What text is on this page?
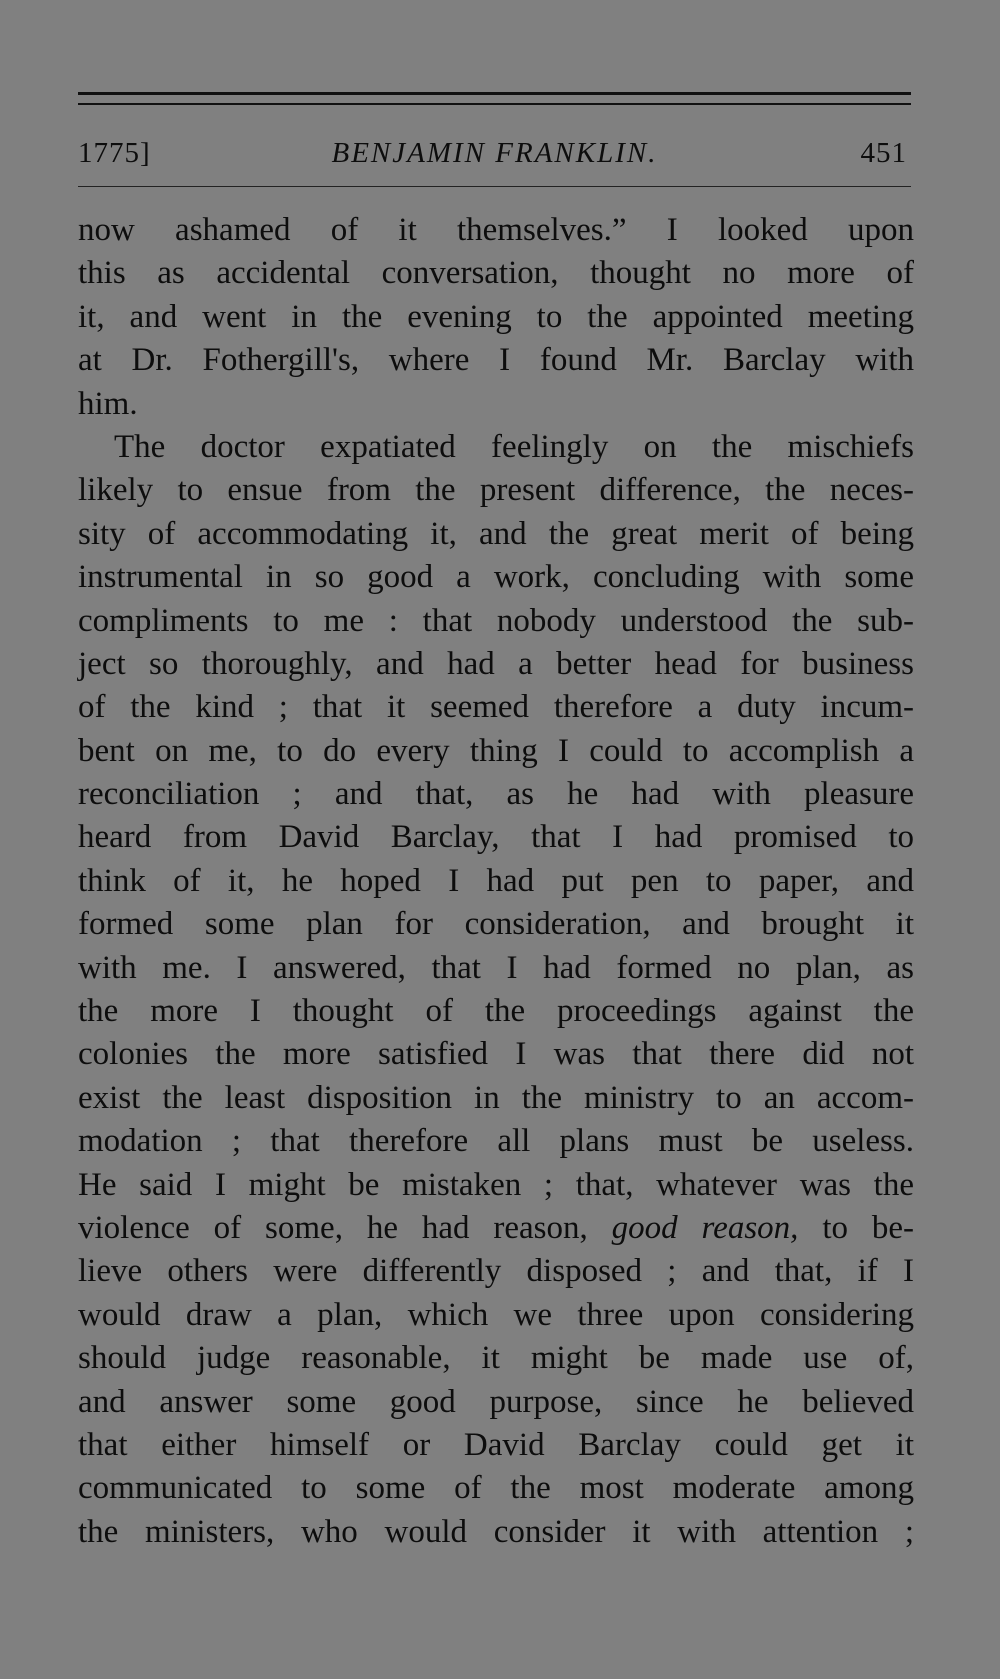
1775]	BENJAMIN FRANKLIN.	451
now ashamed of it themselves.” I looked upon
this as accidental conversation, thought no more of
it, and went in the evening to the appointed meeting
at Dr. Fothergill's, where I found Mr. Barclay with
him.
The doctor expatiated feelingly on the mischiefs
likely to ensue from the present difference, the neces-
sity of accommodating it, and the great merit of being
instrumental in so good a work, concluding with some
compliments to me : that nobody understood the sub-
ject so thoroughly, and had a better head for business
of the kind ; that it seemed therefore a duty incum-
bent on me, to do every thing I could to accomplish a
reconciliation ; and that, as he had with pleasure
heard from David Barclay, that I had promised to
think of it, he hoped I had put pen to paper, and
formed some plan for consideration, and brought it
with me. I answered, that I had formed no plan, as
the more I thought of the proceedings against the
colonies the more satisfied I was that there did not
exist the least disposition in the ministry to an accom-
modation ; that therefore all plans must be useless.
He said I might be mistaken ; that, whatever was the
violence of some, he had reason, good reason, to be-
lieve others were differently disposed ; and that, if I
would draw a plan, which we three upon considering
should judge reasonable, it might be made use of,
and answer some good purpose, since he believed
that either himself or David Barclay could get it
communicated to some of the most moderate among
the ministers, who would consider it with attention ;
